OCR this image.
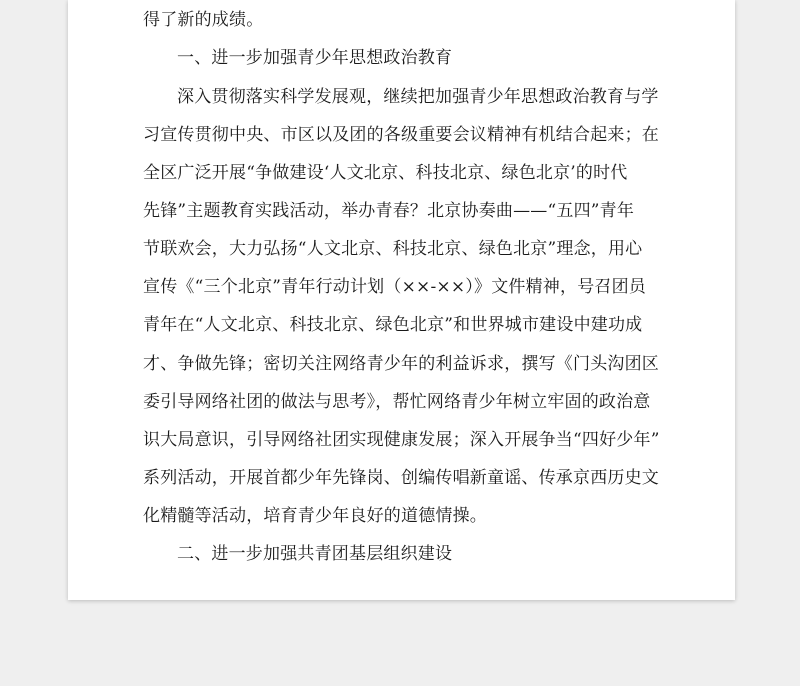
得了新的成绩。
一、进一步加强青少年思想政治教育
深入贯彻落实科学发展观，继续把加强青少年思想政治教育与学
习宣传贯彻中央、市区以及团的各级重要会议精神有机结合起来；在
全区广泛开展“争做建设‘人文北京、科技北京、绿色北京’的时代
先锋”主题教育实践活动，举办青春？北京协奏曲——“五四”青年
节联欢会，大力弘扬“人文北京、科技北京、绿色北京”理念，用心
宣传《“三个北京”青年行动计划（××-××）》文件精神，号召团员
青年在“人文北京、科技北京、绿色北京”和世界城市建设中建功成
才、争做先锋；密切关注网络青少年的利益诉求，撰写《门头沟团区
委引导网络社团的做法与思考》，帮忙网络青少年树立牢固的政治意
识大局意识，引导网络社团实现健康发展；深入开展争当“四好少年”
系列活动，开展首都少年先锋岗、创编传唱新童谣、传承京西历史文
化精髓等活动，培育青少年良好的道德情操。
二、进一步加强共青团基层组织建设
